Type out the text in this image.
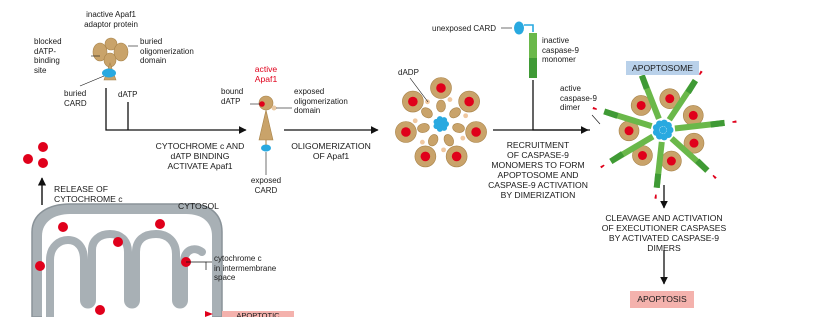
inactive Apaf1
adaptor protein
blocked
dATP-
binding
site
buried
oligomerization
domain
buried
CARD
dATP
active
Apaf1
bound
dATP
exposed
oligomerization
domain
exposed
CARD
CYTOCHROME c AND
dATP BINDING
ACTIVATE Apaf1
OLIGOMERIZATION
OF Apaf1
dADP
unexposed CARD
inactive
caspase-9
monomer
APOPTOSOME
active
caspase-9
dimer
RECRUITMENT
OF CASPASE-9
MONOMERS TO FORM
APOPTOSOME AND
CASPASE-9 ACTIVATION
BY DIMERIZATION
CLEAVAGE AND ACTIVATION
OF EXECUTIONER CASPASES
BY ACTIVATED CASPASE-9
DIMERS
APOPTOSIS
RELEASE OF
CYTOCHROME c
CYTOSOL
cytochrome c
in intermembrane
space
APOPTOTIC
